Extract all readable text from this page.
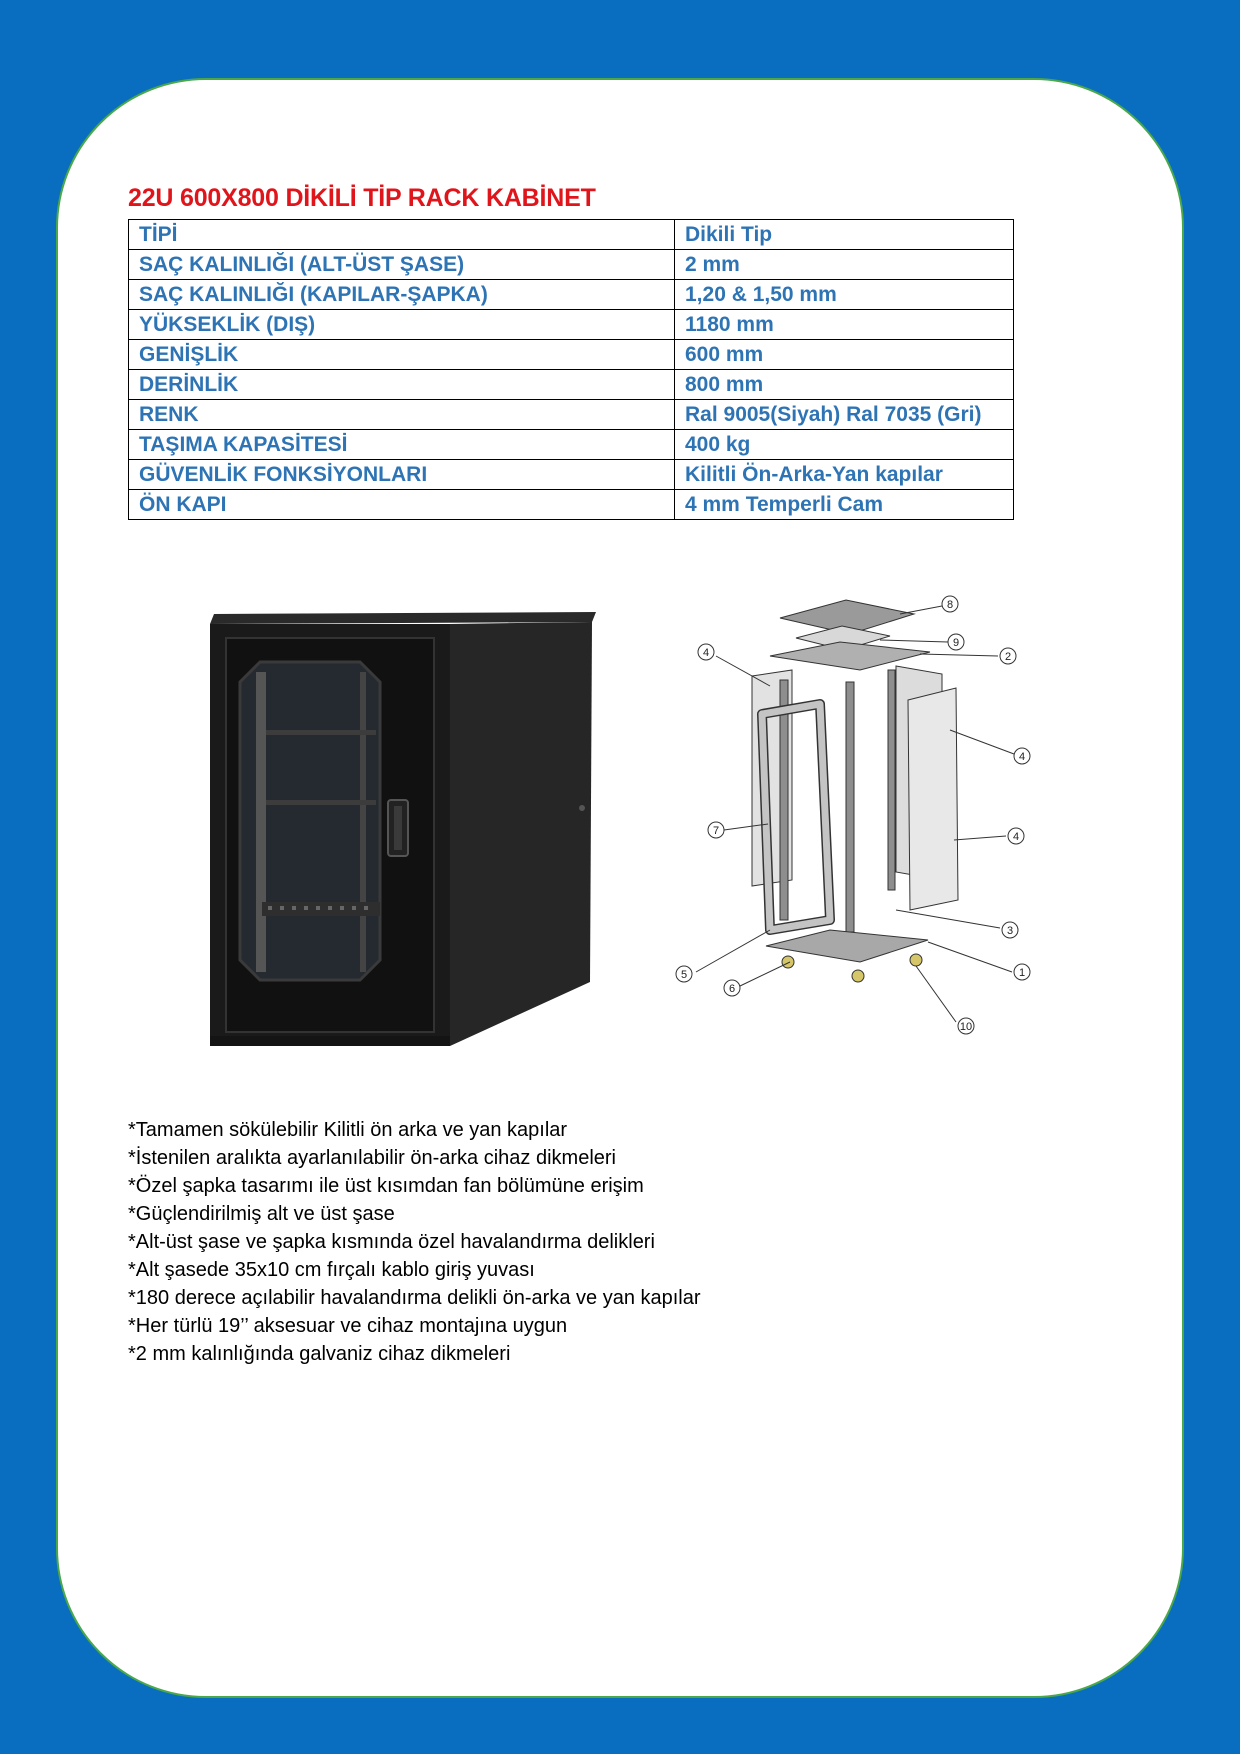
22U 600X800 DİKİLİ TİP RACK KABİNET
TİPİ	Dikili Tip
SAÇ KALINLIĞI (ALT-ÜST ŞASE)	2 mm
SAÇ KALINLIĞI (KAPILAR-ŞAPKA)	1,20 & 1,50 mm
YÜKSEKLİK (DIŞ)	1180 mm
GENİŞLİK	600 mm
DERİNLİK	800 mm
RENK	Ral 9005(Siyah) Ral 7035 (Gri)
TAŞIMA KAPASİTESİ	400 kg
GÜVENLİK FONKSİYONLARI	Kilitli Ön-Arka-Yan kapılar
ÖN KAPI	4 mm Temperli Cam
8
9
2
4
4
7	4
3
5
6
1
10
*Tamamen sökülebilir Kilitli ön arka ve yan kapılar
*İstenilen aralıkta ayarlanılabilir ön-arka cihaz dikmeleri
*Özel şapka tasarımı ile üst kısımdan fan bölümüne erişim
*Güçlendirilmiş alt ve üst şase
*Alt-üst şase ve şapka kısmında özel havalandırma delikleri
*Alt şasede 35x10 cm fırçalı kablo giriş yuvası
*180 derece açılabilir havalandırma delikli ön-arka ve yan kapılar
*Her türlü 19’’ aksesuar ve cihaz montajına uygun
*2 mm kalınlığında galvaniz cihaz dikmeleri
